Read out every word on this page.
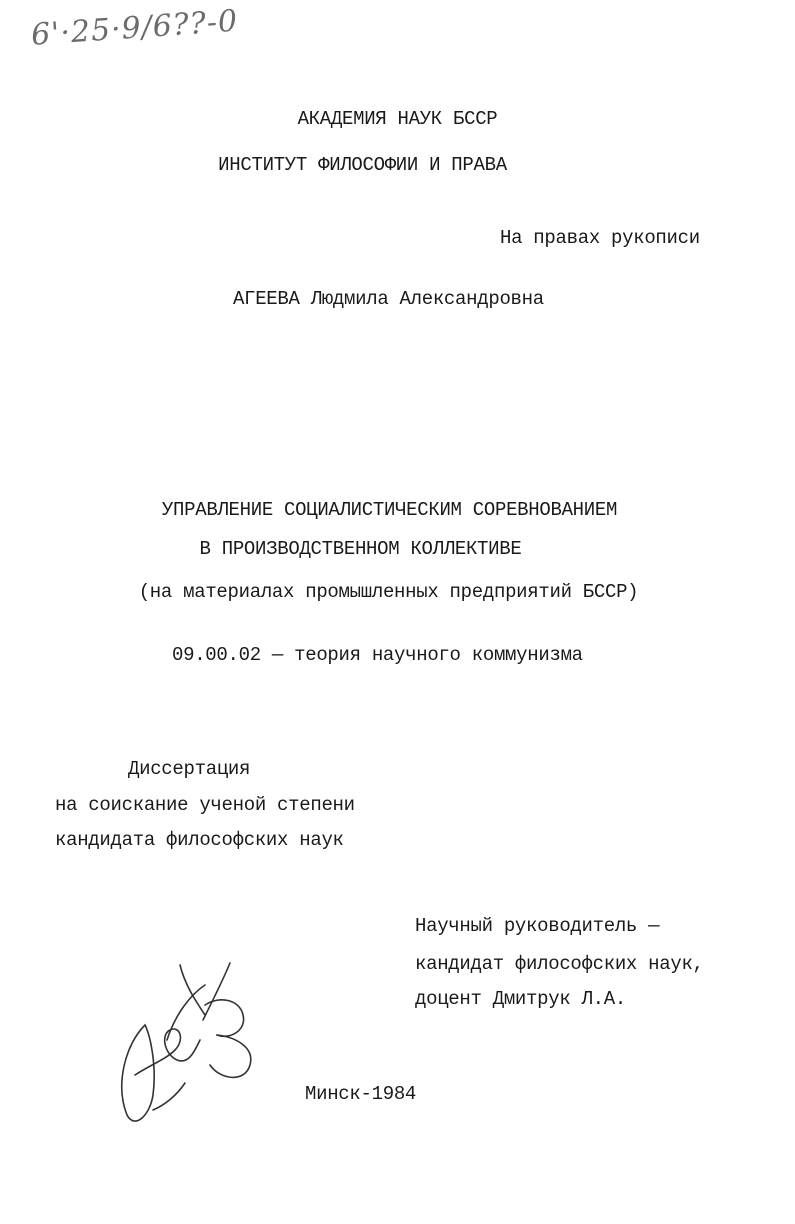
6'·25·9/6??-0
АКАДЕМИЯ НАУК БССР
ИНСТИТУТ ФИЛОСОФИИ И ПРАВА
На правах рукописи
АГЕЕВА Людмила Александровна
УПРАВЛЕНИЕ СОЦИАЛИСТИЧЕСКИМ СОРЕВНОВАНИЕМ
В ПРОИЗВОДСТВЕННОМ КОЛЛЕКТИВЕ
(на материалах промышленных предприятий БССР)
09.00.02 — теория научного коммунизма
Диссертация
на соискание ученой степени
кандидата философских наук
Научный руководитель —
кандидат философских наук,
доцент Дмитрук Л.А.
Минск-1984
